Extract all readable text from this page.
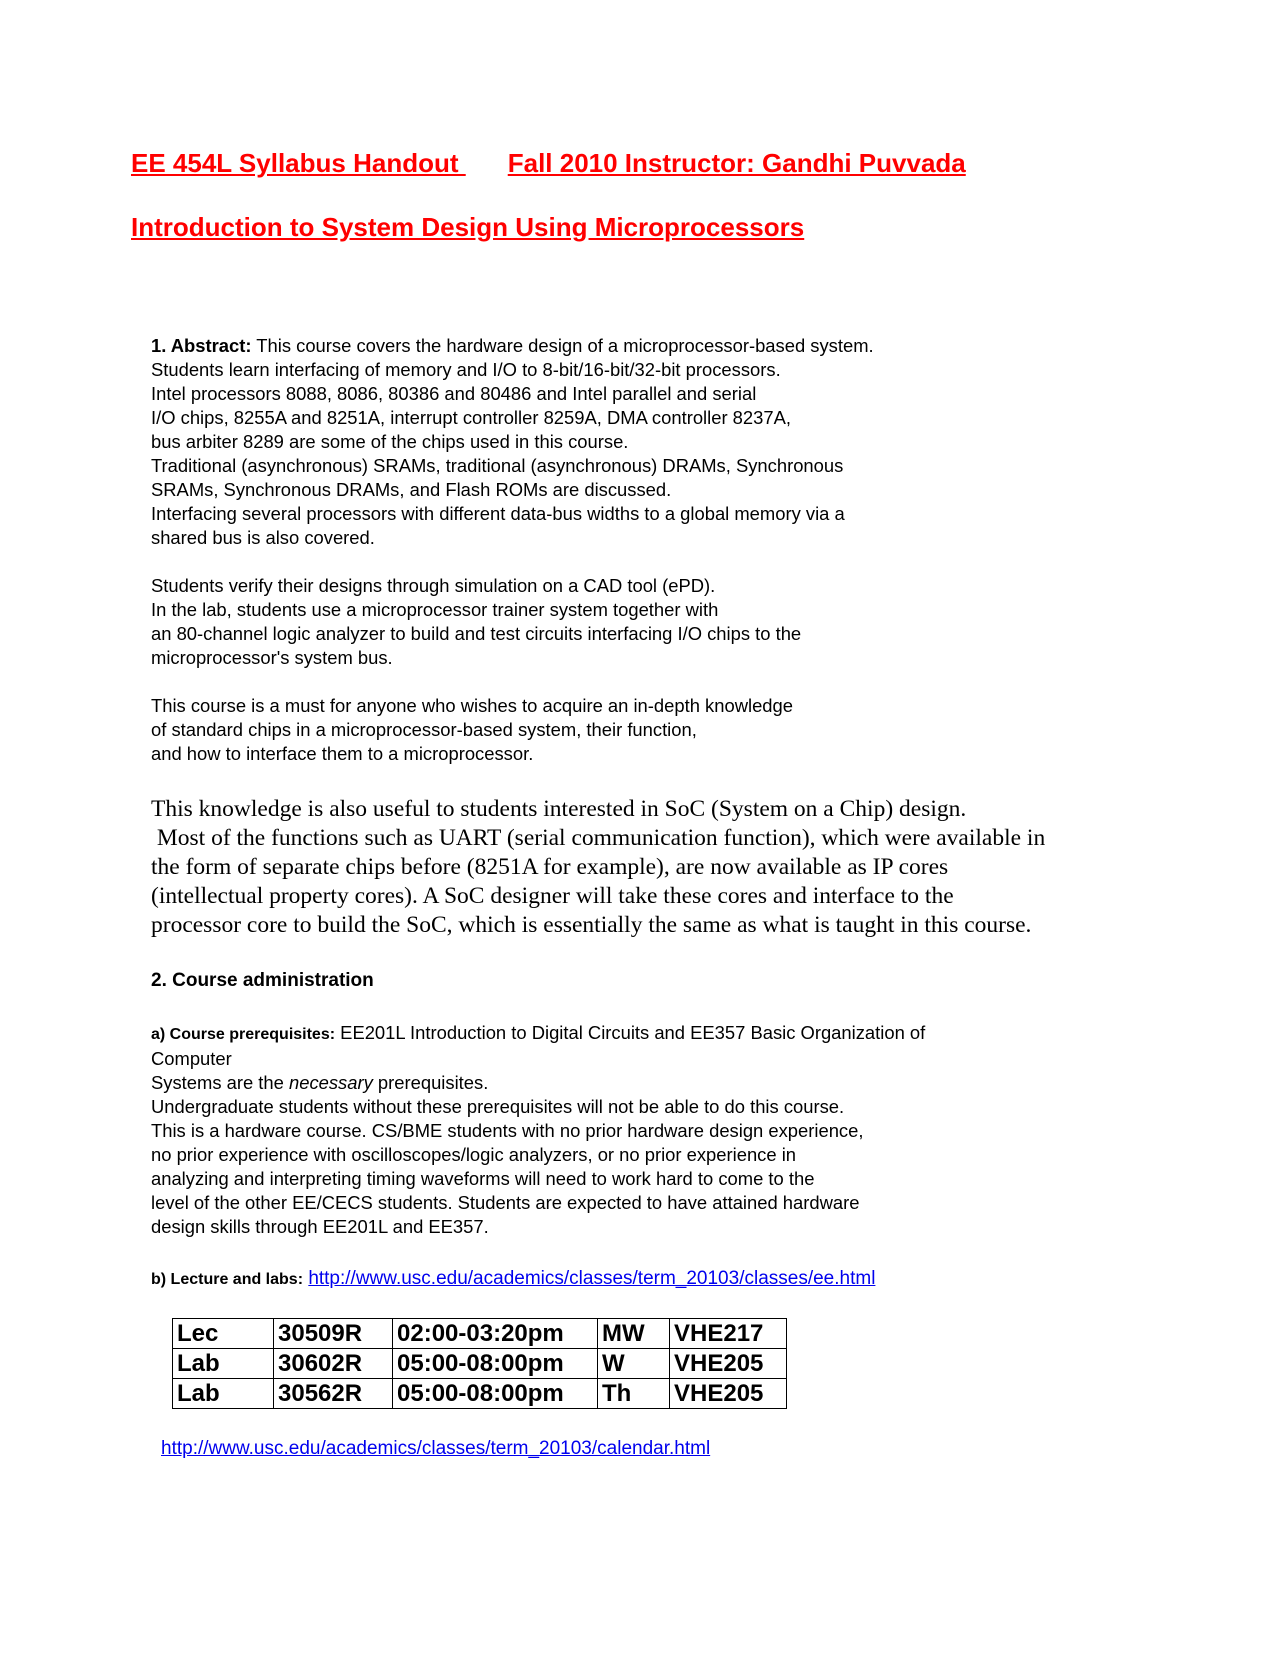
EE 454L Syllabus Handout Fall 2010 Instructor: Gandhi Puvvada
Introduction to System Design Using Microprocessors
1. Abstract: This course covers the hardware design of a microprocessor-based system.
Students learn interfacing of memory and I/O to 8-bit/16-bit/32-bit processors.
Intel processors 8088, 8086, 80386 and 80486 and Intel parallel and serial
I/O chips, 8255A and 8251A, interrupt controller 8259A, DMA controller 8237A,
bus arbiter 8289 are some of the chips used in this course.
Traditional (asynchronous) SRAMs, traditional (asynchronous) DRAMs, Synchronous
SRAMs, Synchronous DRAMs, and Flash ROMs are discussed.
Interfacing several processors with different data-bus widths to a global memory via a
shared bus is also covered.
Students verify their designs through simulation on a CAD tool (ePD).
In the lab, students use a microprocessor trainer system together with
an 80-channel logic analyzer to build and test circuits interfacing I/O chips to the
microprocessor's system bus.
This course is a must for anyone who wishes to acquire an in-depth knowledge
of standard chips in a microprocessor-based system, their function,
and how to interface them to a microprocessor.
This knowledge is also useful to students interested in SoC (System on a Chip) design.
Most of the functions such as UART (serial communication function), which were available in
the form of separate chips before (8251A for example), are now available as IP cores
(intellectual property cores). A SoC designer will take these cores and interface to the
processor core to build the SoC, which is essentially the same as what is taught in this course.
2. Course administration
a) Course prerequisites: EE201L Introduction to Digital Circuits and EE357 Basic Organization of
Computer
Systems are the necessary prerequisites.
Undergraduate students without these prerequisites will not be able to do this course.
This is a hardware course. CS/BME students with no prior hardware design experience,
no prior experience with oscilloscopes/logic analyzers, or no prior experience in
analyzing and interpreting timing waveforms will need to work hard to come to the
level of the other EE/CECS students. Students are expected to have attained hardware
design skills through EE201L and EE357.
b) Lecture and labs: http://www.usc.edu/academics/classes/term_20103/classes/ee.html
Lec	30509R	02:00-03:20pm	MW	VHE217
Lab	30602R	05:00-08:00pm	W	VHE205
Lab	30562R	05:00-08:00pm	Th	VHE205
http://www.usc.edu/academics/classes/term_20103/calendar.html
